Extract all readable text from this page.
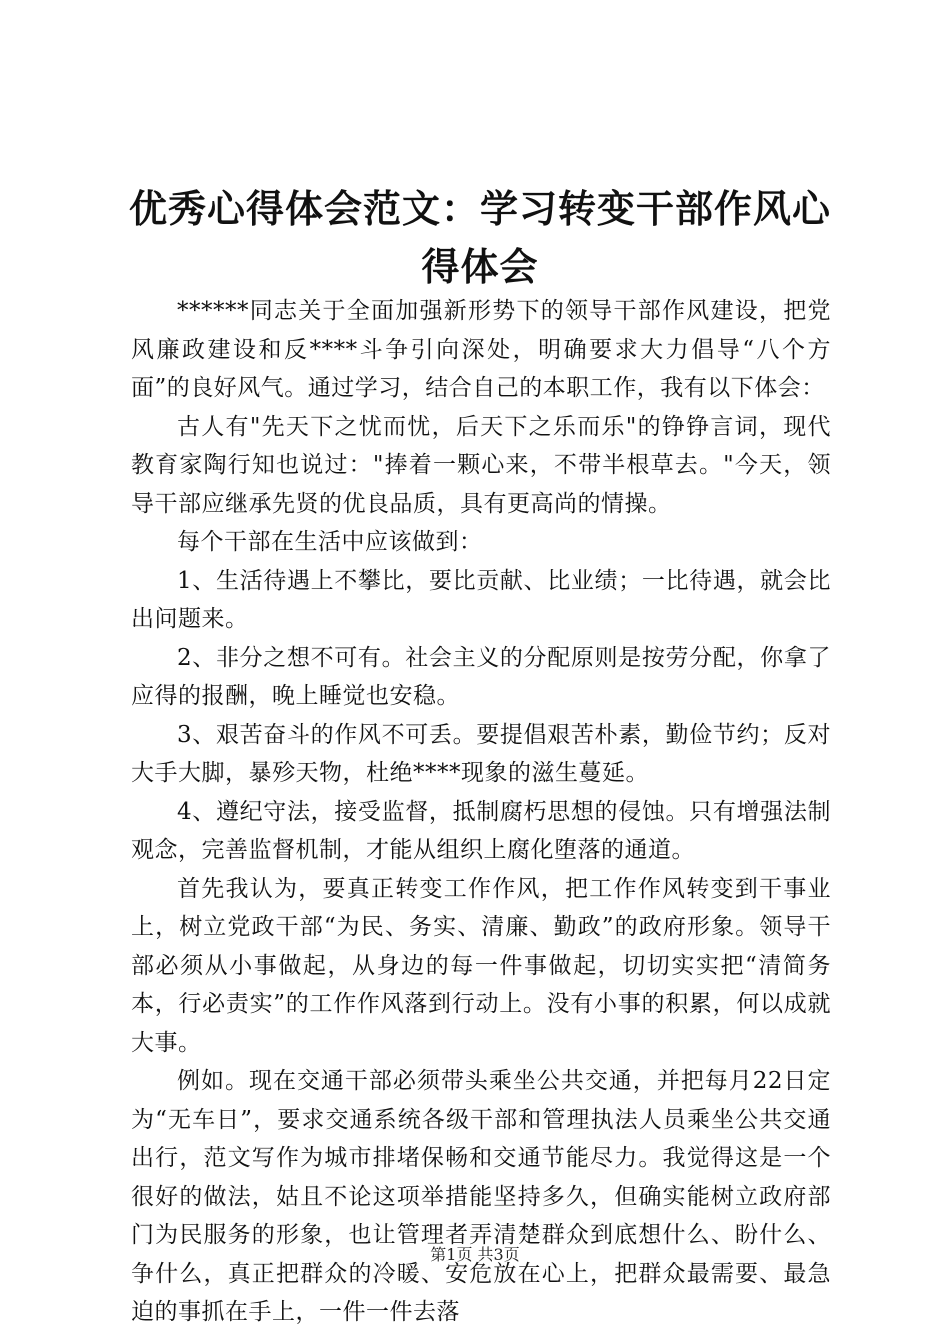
优秀心得体会范文：学习转变干部作风心得体会

******同志关于全面加强新形势下的领导干部作风建设，把党风廉政建设和反****斗争引向深处，明确要求大力倡导“八个方面”的良好风气。通过学习，结合自己的本职工作，我有以下体会：

古人有"先天下之忧而忧，后天下之乐而乐"的铮铮言词，现代教育家陶行知也说过："捧着一颗心来，不带半根草去。"今天，领导干部应继承先贤的优良品质，具有更高尚的情操。

每个干部在生活中应该做到：

1、生活待遇上不攀比，要比贡献、比业绩；一比待遇，就会比出问题来。

2、非分之想不可有。社会主义的分配原则是按劳分配，你拿了应得的报酬，晚上睡觉也安稳。

3、艰苦奋斗的作风不可丢。要提倡艰苦朴素，勤俭节约；反对大手大脚，暴殄天物，杜绝****现象的滋生蔓延。

4、遵纪守法，接受监督，抵制腐朽思想的侵蚀。只有增强法制观念，完善监督机制，才能从组织上腐化堕落的通道。

首先我认为，要真正转变工作作风，把工作作风转变到干事业上，树立党政干部“为民、务实、清廉、勤政”的政府形象。领导干部必须从小事做起，从身边的每一件事做起，切切实实把“清简务本，行必责实”的工作作风落到行动上。没有小事的积累，何以成就大事。

例如。现在交通干部必须带头乘坐公共交通，并把每月22日定为“无车日”，要求交通系统各级干部和管理执法人员乘坐公共交通出行，范文写作为城市排堵保畅和交通节能尽力。我觉得这是一个很好的做法，姑且不论这项举措能坚持多久，但确实能树立政府部门为民服务的形象，也让管理者弄清楚群众到底想什么、盼什么、争什么，真正把群众的冷暖、安危放在心上，把群众最需要、最急迫的事抓在手上，一件一件去落

第1页 共3页
